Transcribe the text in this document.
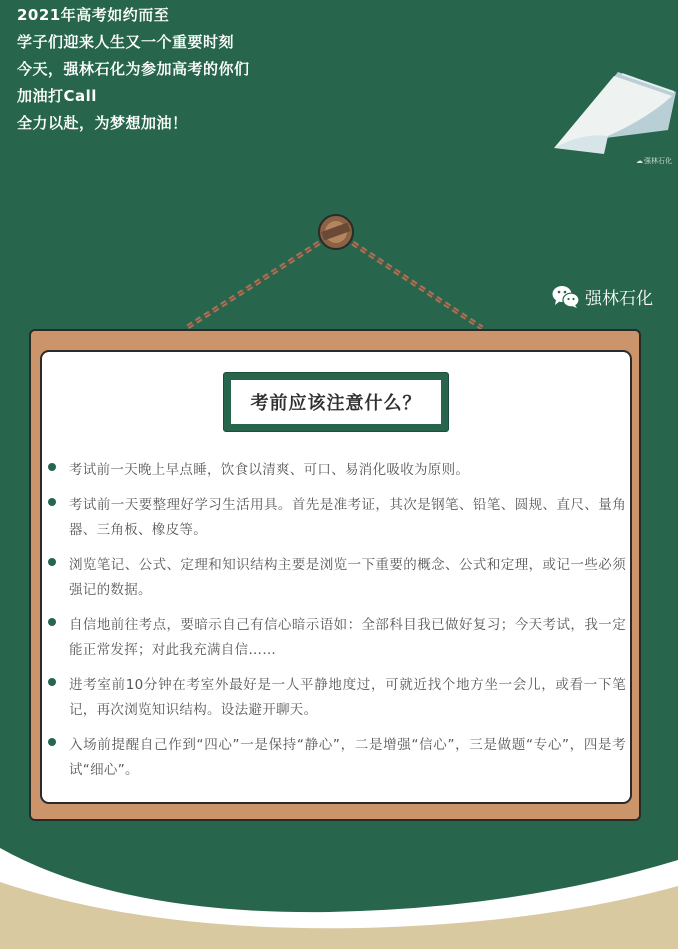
2021年高考如约而至
学子们迎来人生又一个重要时刻
今天，强林石化为参加高考的你们
加油打Call
全力以赴，为梦想加油！
☁强林石化
强林石化
考前应该注意什么？
考试前一天晚上早点睡，饮食以清爽、可口、易消化吸收为原则。
考试前一天要整理好学习生活用具。首先是准考证，其次是钢笔、铅笔、圆规、直尺、量角器、三角板、橡皮等。
浏览笔记、公式、定理和知识结构主要是浏览一下重要的概念、公式和定理，或记一些必须强记的数据。
自信地前往考点，要暗示自己有信心暗示语如：全部科目我已做好复习；今天考试，我一定能正常发挥；对此我充满自信……
进考室前10分钟在考室外最好是一人平静地度过，可就近找个地方坐一会儿，或看一下笔记，再次浏览知识结构。设法避开聊天。
入场前提醒自己作到“四心”一是保持“静心”，二是增强“信心”，三是做题“专心”，四是考试“细心”。
